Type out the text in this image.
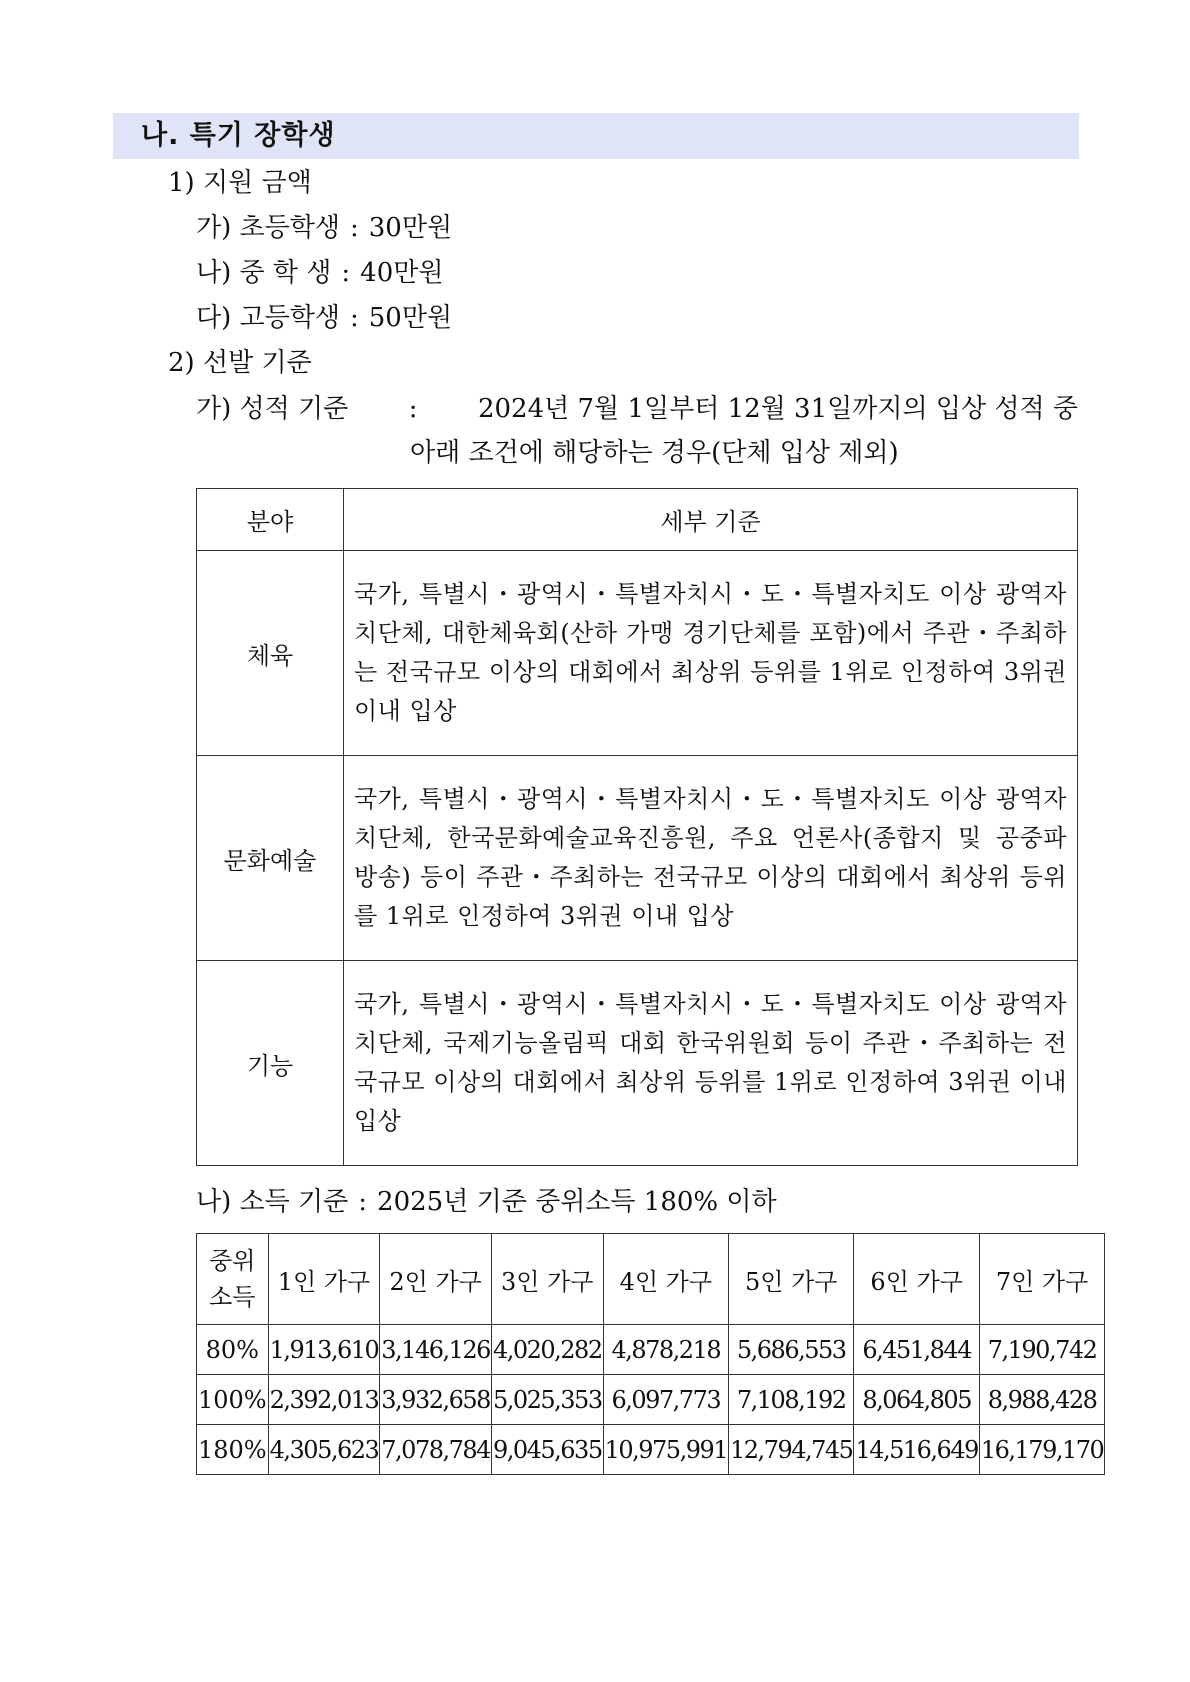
나. 특기 장학생
1) 지원 금액
가) 초등학생 : 30만원
나) 중 학 생 : 40만원
다) 고등학생 : 50만원
2) 선발 기준
가) 성적 기준 : 2024년 7월 1일부터 12월 31일까지의 입상 성적 중
아래 조건에 해당하는 경우(단체 입상 제외)
분야	세부 기준
체육	국가, 특별시・광역시・특별자치시・도・특별자치도 이상 광역자치단체, 대한체육회(산하 가맹 경기단체를 포함)에서 주관・주최하는 전국규모 이상의 대회에서 최상위 등위를 1위로 인정하여 3위권 이내 입상
문화예술	국가, 특별시・광역시・특별자치시・도・특별자치도 이상 광역자치단체, 한국문화예술교육진흥원, 주요 언론사(종합지 및 공중파 방송) 등이 주관・주최하는 전국규모 이상의 대회에서 최상위 등위를 1위로 인정하여 3위권 이내 입상
기능	국가, 특별시・광역시・특별자치시・도・특별자치도 이상 광역자치단체, 국제기능올림픽 대회 한국위원회 등이 주관・주최하는 전국규모 이상의 대회에서 최상위 등위를 1위로 인정하여 3위권 이내 입상
나) 소득 기준 : 2025년 기준 중위소득 180% 이하
중위
소득	1인 가구	2인 가구	3인 가구	4인 가구	5인 가구	6인 가구	7인 가구
80%	1,913,610	3,146,126	4,020,282	4,878,218	5,686,553	6,451,844	7,190,742
100%	2,392,013	3,932,658	5,025,353	6,097,773	7,108,192	8,064,805	8,988,428
180%	4,305,623	7,078,784	9,045,635	10,975,991	12,794,745	14,516,649	16,179,170
